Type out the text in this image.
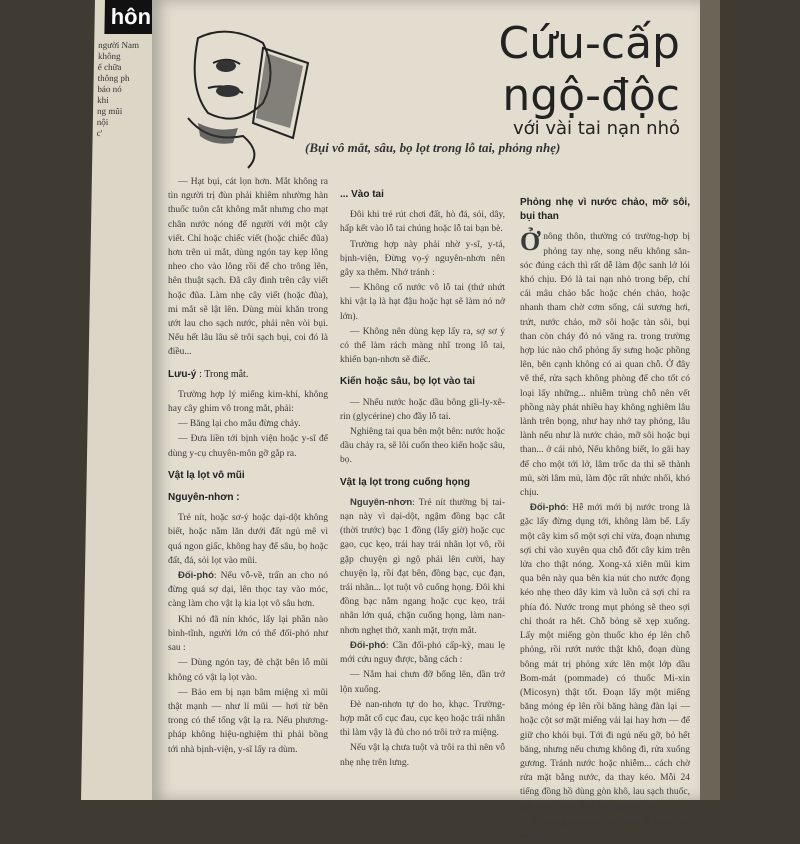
hôn
người Nam
không
ế chữa
thông ph
báo nó
khi
ng mũi
nội
c'
Cứu-cấp
ngộ-độc
với vài tai nạn nhỏ
(Bụi vô mắt, sâu, bọ lọt trong lỗ tai, phỏng nhẹ)

— Hạt bụi, cát lọn hơn. Mắt không ra tìn người trị đùn phải khiêm nhường hàn thuốc tuôn cắt không mắt nhưng cho mạt chân nước nóng để người với một cây viết. Chỉ hoặc chiếc viết (hoặc chiếc đũa) hơn trên ui mắt, dùng ngón tay kẹp lông nheo cho vào lông rồi để cho trông lên, hên thuật sạch. Đã cây đinh trên cây viết hoặc đũa. Làm nhẹ cây viết (hoặc đũa), mi mắt sẽ lật lên. Dùng mùi khăn trong ướt lau cho sạch nước, phải nên vòi bụi. Nếu hết lâu lâu sẽ trôi sạch bụi, coi đó là điều...

Lưu-ý : Trong mắt.

Trường hợp lý miếng kim-khí, không hay cây ghim vô trong mắt, phải:

— Băng lại cho mắu đừng chảy.

— Đưa liền tới bịnh viện hoặc y-sĩ để dùng y-cụ chuyên-môn gỡ gắp ra.

Vật lạ lọt vô mũi

Nguyên-nhơn :

Trẻ nít, hoặc sơ-ý hoặc dại-dột không biết, hoặc nằm lăn dưới đất ngủ mê vì quá ngon giấc, không hay để sâu, bọ hoặc đất, đá, sỏi lọt vào mũi.

Đối-phó: Nếu vỗ-về, trấn an cho nó đừng quá sợ dại, lên thọc tay vào móc, càng làm cho vật lạ kia lọt vô sâu hơn.

Khi nó đã nín khóc, lấy lại phần nào bình-tĩnh, người lớn có thể đối-phó như sau :

— Dùng ngón tay, đè chặt bên lỗ mũi không có vật lạ lọt vào.

— Bảo em bị nạn bâm miệng xì mũi thật mạnh — như lỉ mũi — hơi từ bên trong có thể tống vật lạ ra. Nếu phương-pháp không hiệu-nghiệm thì phải bồng tới nhà bịnh-viện, y-sĩ lấy ra dùm.

... Vào tai

Đôi khi trẻ rút chơi đất, hò đá, sỏi, dây, hấp kết vào lỗ tai chúng hoặc lỗ tai bạn bè.

Trường hợp này phải nhờ y-sĩ, y-tá, bịnh-viện, Đừng vọ-ý nguyên-nhơn nên gây xa thêm. Nhớ tránh :

— Không cố nước vô lỗ tai (thứ nhứt khi vật lạ là hạt đậu hoặc hạt sẽ làm nó nở lớn).

— Không nên dùng kẹp lấy ra, sợ sơ ý có thể làm rách màng nhĩ trong lỗ tai, khiến bạn-nhơn sẽ điếc.

Kiến hoặc sâu, bọ lọt vào tai

— Nhểu nước hoặc dầu bông gli-ly-xê-rin (glycérine) cho đầy lỗ tai.

Nghiêng tai qua bên một bên: nước hoặc dầu chảy ra, sẽ lôi cuốn theo kiến hoặc sâu, bọ.

Vật lạ lọt trong cuống họng

Nguyên-nhơn: Trẻ nít thường bị tai-nạn này vì dại-dột, ngậm đồng bạc cắt (thời trước) bạc 1 đồng (lấy giờ) hoặc cục gạo, cục kẹo, trái hay trái nhãn lọt vô, rồi gặp chuyện gì ngộ phải lên cười, hay chuyện lạ, rồi đạt bên, đồng bạc, cục đạn, trái nhãn... lọt tuột vô cuống họng. Đôi khi đồng bạc nằm ngang hoặc cục kẹo, trái nhãn lớn quá, chặn cuống họng, làm nan-nhơn nghẹt thở, xanh mặt, trợn mắt.

Đối-phó: Cần đối-phó cấp-kỳ, mau lẹ mới cứu nguy được, bằng cách :

— Nắm hai chưn đỡ bổng lên, dần trở lộn xuống.

Đè nan-nhơn tự do ho, khạc. Trường-hợp mắt cổ cục đau, cục kẹo hoặc trái nhãn thì làm vậy là đủ cho nó trôi trở ra miệng.

Nếu vật lạ chưa tuột và trôi ra thì nên vỗ nhẹ nhẹ trên lưng.

Phỏng nhẹ vì nước chảo, mỡ sôi, bụi than

Ởnông thôn, thường có trường-hợp bị phỏng tay nhẹ, song nếu không săn-sóc đúng cách thì rất dễ làm độc sanh lở lói khó chịu. Đó là tai nạn nhỏ trong bếp, chỉ cái mâu chảo bắc hoặc chén chảo, hoặc nhanh tham chờ cơm sống, cái sương hơi, trứt, nước chảo, mỡ sôi hoặc tàn sôi, bụi than còn cháy đỏ nó văng ra. trong trường hợp lúc nào chổ phỏng ấy sưng hoặc phồng lên, bên cạnh không có ai quan chỗ. Ở đây vẽ thế, rửa sạch không phòng để cho tốt có loại lấy những... nhiễm trùng chỗ nên vết phồng này phát nhiều hay không nghiêm lâu lành trên bọng, như hay nhớ tay phỏng, lâu lành nếu như là nước chảo, mỡ sôi hoặc bụi than... ở cái nhỏ, Nếu không biết, lo gãi hay để cho một tới lở, lâm trốc da thì sẽ thành mủ, sời lâm mủ, làm độc rất nhức nhối, khó chịu.

Đối-phó: Hễ mới mới bị nước trong là gặc lấy đừng dụng tới, không làm bể. Lấy một cây kim sổ một sợi chỉ vừa, đoạn nhưng sợi chỉ vào xuyên qua chỗ đốt cây kim trên lửa cho thật nóng. Xong-xả xiên mũi kim qua bên này qua bên kia nút cho nước đọng kéo nhẹ theo dây kim và luồn cả sợi chỉ ra phía đó. Nước trong mụt phỏng sẽ theo sợi chỉ thoát ra hết. Chỗ bỏng sẽ xẹp xuống. Lấy một miếng gòn thuốc kho ép lên chỗ phỏng, rồi rướt nước thật khô, đoạn dùng bông mát trị phỏng xức lên một lớp dầu Bom-mát (pommade) có thuốc Mi-xin (Micosyn) thật tốt. Đoạn lấy một miếng băng mỏng ép lên rồi băng hàng đàn lại — hoặc cột sơ mặt miếng vải lại hay hơn — để giữ cho khỏi bụi. Tới đi ngủ nếu gỡ, bỏ hết băng, nhưng nếu chưng không đi, rửa xuống gương. Tránh nước hoặc nhiễm... cách chờ rửa mặt bằng nước, da thay kéo. Mỗi 24 tiếng đồng hồ dùng gòn khô, lau sạch thuốc, xức thuốc mới. Nếu vết ngày sẽ lành.

Bị phỏng nặng thì cần đưa đi bịnh-viện điều-trị.
